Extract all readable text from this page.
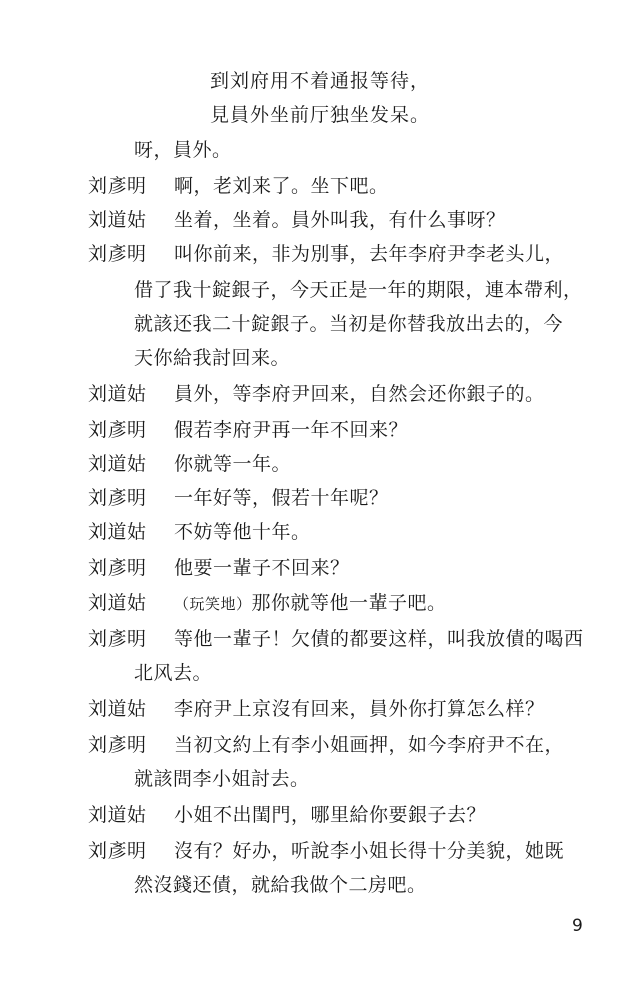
到刘府用不着通报等待，
見員外坐前厅独坐发呆。
呀，員外。
刘彥明	啊，老刘来了。坐下吧。
刘道姑	坐着，坐着。員外叫我，有什么事呀？
刘彥明	叫你前来，非为別事，去年李府尹李老头儿，
借了我十錠銀子，今天正是一年的期限，連本帶利，
就該还我二十錠銀子。当初是你替我放出去的，今
天你給我討回来。
刘道姑	員外，等李府尹回来，自然会还你銀子的。
刘彥明	假若李府尹再一年不回来？
刘道姑	你就等一年。
刘彥明	一年好等，假若十年呢？
刘道姑	不妨等他十年。
刘彥明	他要一輩子不回来？
刘道姑	（玩笑地）那你就等他一輩子吧。
刘彥明	等他一輩子！欠債的都要这样，叫我放債的喝西
北风去。
刘道姑	李府尹上京沒有回来，員外你打算怎么样？
刘彥明	当初文約上有李小姐画押，如今李府尹不在，
就該問李小姐討去。
刘道姑	小姐不出閨門，哪里給你要銀子去？
刘彥明	沒有？好办，听說李小姐长得十分美貌，她既
然沒錢还債，就給我做个二房吧。
9
